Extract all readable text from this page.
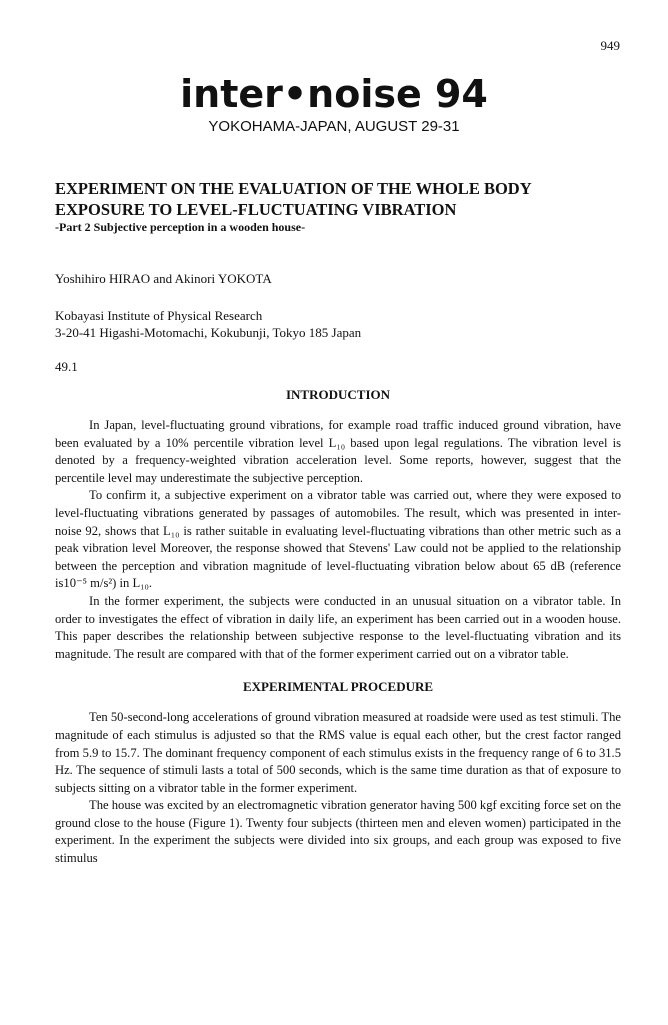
949
inter•noise 94
YOKOHAMA-JAPAN, AUGUST 29-31

EXPERIMENT ON THE EVALUATION OF THE WHOLE BODY

EXPOSURE TO LEVEL-FLUCTUATING VIBRATION

-Part 2 Subjective perception in a wooden house-

Yoshihiro HIRAO and Akinori YOKOTA
Kobayasi Institute of Physical Research
3-20-41 Higashi-Motomachi, Kokubunji, Tokyo 185 Japan
49.1
INTRODUCTION

In Japan, level-fluctuating ground vibrations, for example road traffic induced ground vibration, have been evaluated by a 10% percentile vibration level L₁₀ based upon legal regulations. The vibration level is denoted by a frequency-weighted vibration acceleration level. Some reports, however, suggest that the percentile level may underestimate the subjective perception.

To confirm it, a subjective experiment on a vibrator table was carried out, where they were exposed to level-fluctuating vibrations generated by passages of automobiles. The result, which was presented in inter-noise 92, shows that L₁₀ is rather suitable in evaluating level-fluctuating vibrations than other metric such as a peak vibration level Moreover, the response showed that Stevens' Law could not be applied to the relationship between the perception and vibration magnitude of level-fluctuating vibration below about 65 dB (reference is10⁻⁵ m/s²) in L₁₀.

In the former experiment, the subjects were conducted in an unusual situation on a vibrator table. In order to investigates the effect of vibration in daily life, an experiment has been carried out in a wooden house. This paper describes the relationship between subjective response to the level-fluctuating vibration and its magnitude. The result are compared with that of the former experiment carried out on a vibrator table.

EXPERIMENTAL PROCEDURE

Ten 50-second-long accelerations of ground vibration measured at roadside were used as test stimuli. The magnitude of each stimulus is adjusted so that the RMS value is equal each other, but the crest factor ranged from 5.9 to 15.7. The dominant frequency component of each stimulus exists in the frequency range of 6 to 31.5 Hz. The sequence of stimuli lasts a total of 500 seconds, which is the same time duration as that of exposure to subjects sitting on a vibrator table in the former experiment.

The house was excited by an electromagnetic vibration generator having 500 kgf exciting force set on the ground close to the house (Figure 1). Twenty four subjects (thirteen men and eleven women) participated in the experiment. In the experiment the subjects were divided into six groups, and each group was exposed to five stimulus
